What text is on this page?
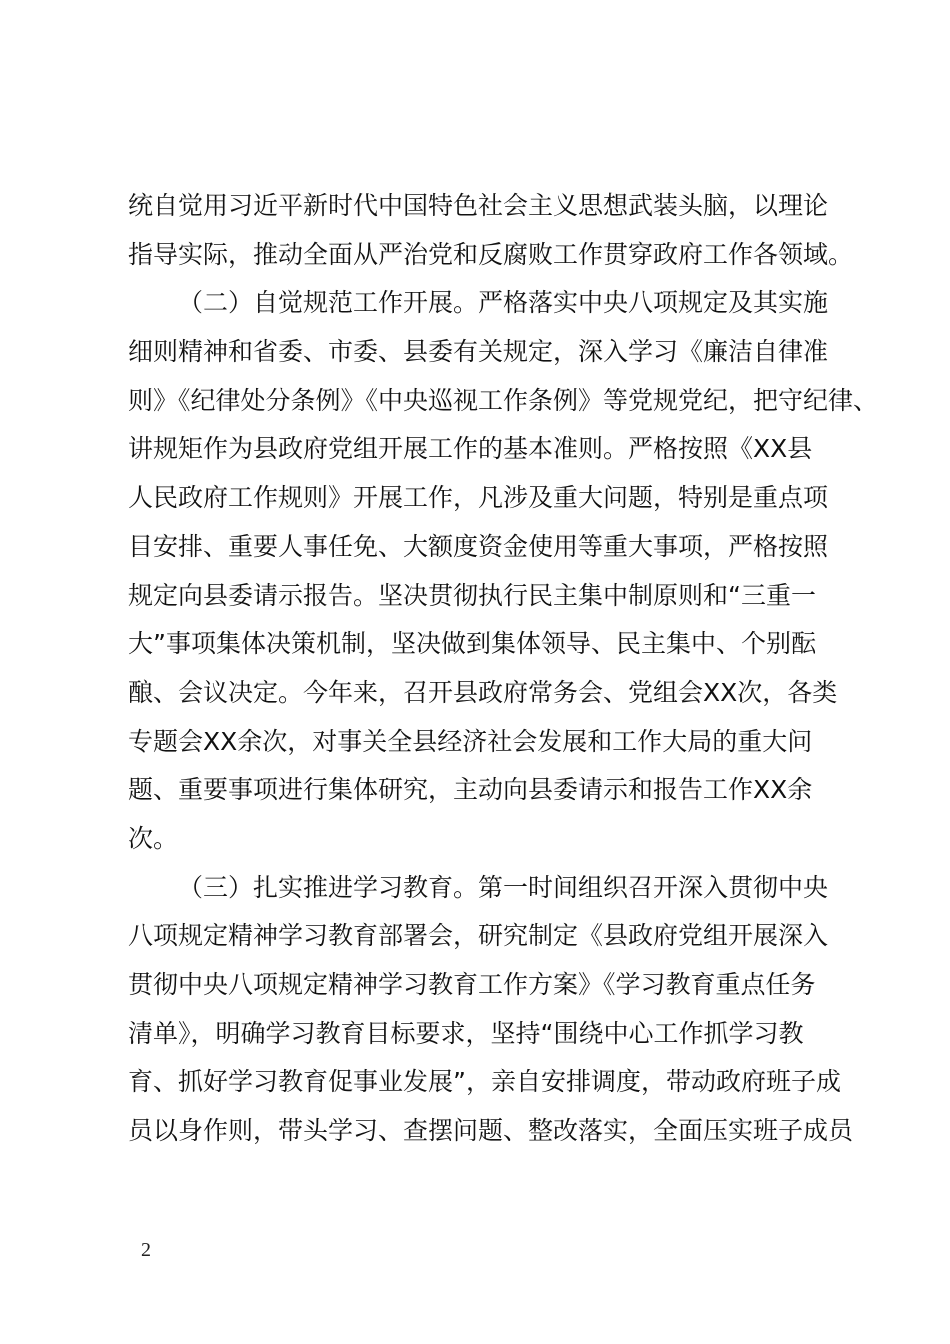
统自觉用习近平新时代中国特色社会主义思想武装头脑，以理论
指导实际，推动全面从严治党和反腐败工作贯穿政府工作各领域。
（二）自觉规范工作开展。严格落实中央八项规定及其实施
细则精神和省委、市委、县委有关规定，深入学习《廉洁自律准
则》《纪律处分条例》《中央巡视工作条例》等党规党纪，把守纪律、
讲规矩作为县政府党组开展工作的基本准则。严格按照《XX县
人民政府工作规则》开展工作，凡涉及重大问题，特别是重点项
目安排、重要人事任免、大额度资金使用等重大事项，严格按照
规定向县委请示报告。坚决贯彻执行民主集中制原则和“三重一
大”事项集体决策机制，坚决做到集体领导、民主集中、个别酝
酿、会议决定。今年来，召开县政府常务会、党组会XX次，各类
专题会XX余次，对事关全县经济社会发展和工作大局的重大问
题、重要事项进行集体研究，主动向县委请示和报告工作XX余
次。
（三）扎实推进学习教育。第一时间组织召开深入贯彻中央
八项规定精神学习教育部署会，研究制定《县政府党组开展深入
贯彻中央八项规定精神学习教育工作方案》《学习教育重点任务
清单》，明确学习教育目标要求，坚持“围绕中心工作抓学习教
育、抓好学习教育促事业发展”，亲自安排调度，带动政府班子成
员以身作则，带头学习、查摆问题、整改落实，全面压实班子成员
2
